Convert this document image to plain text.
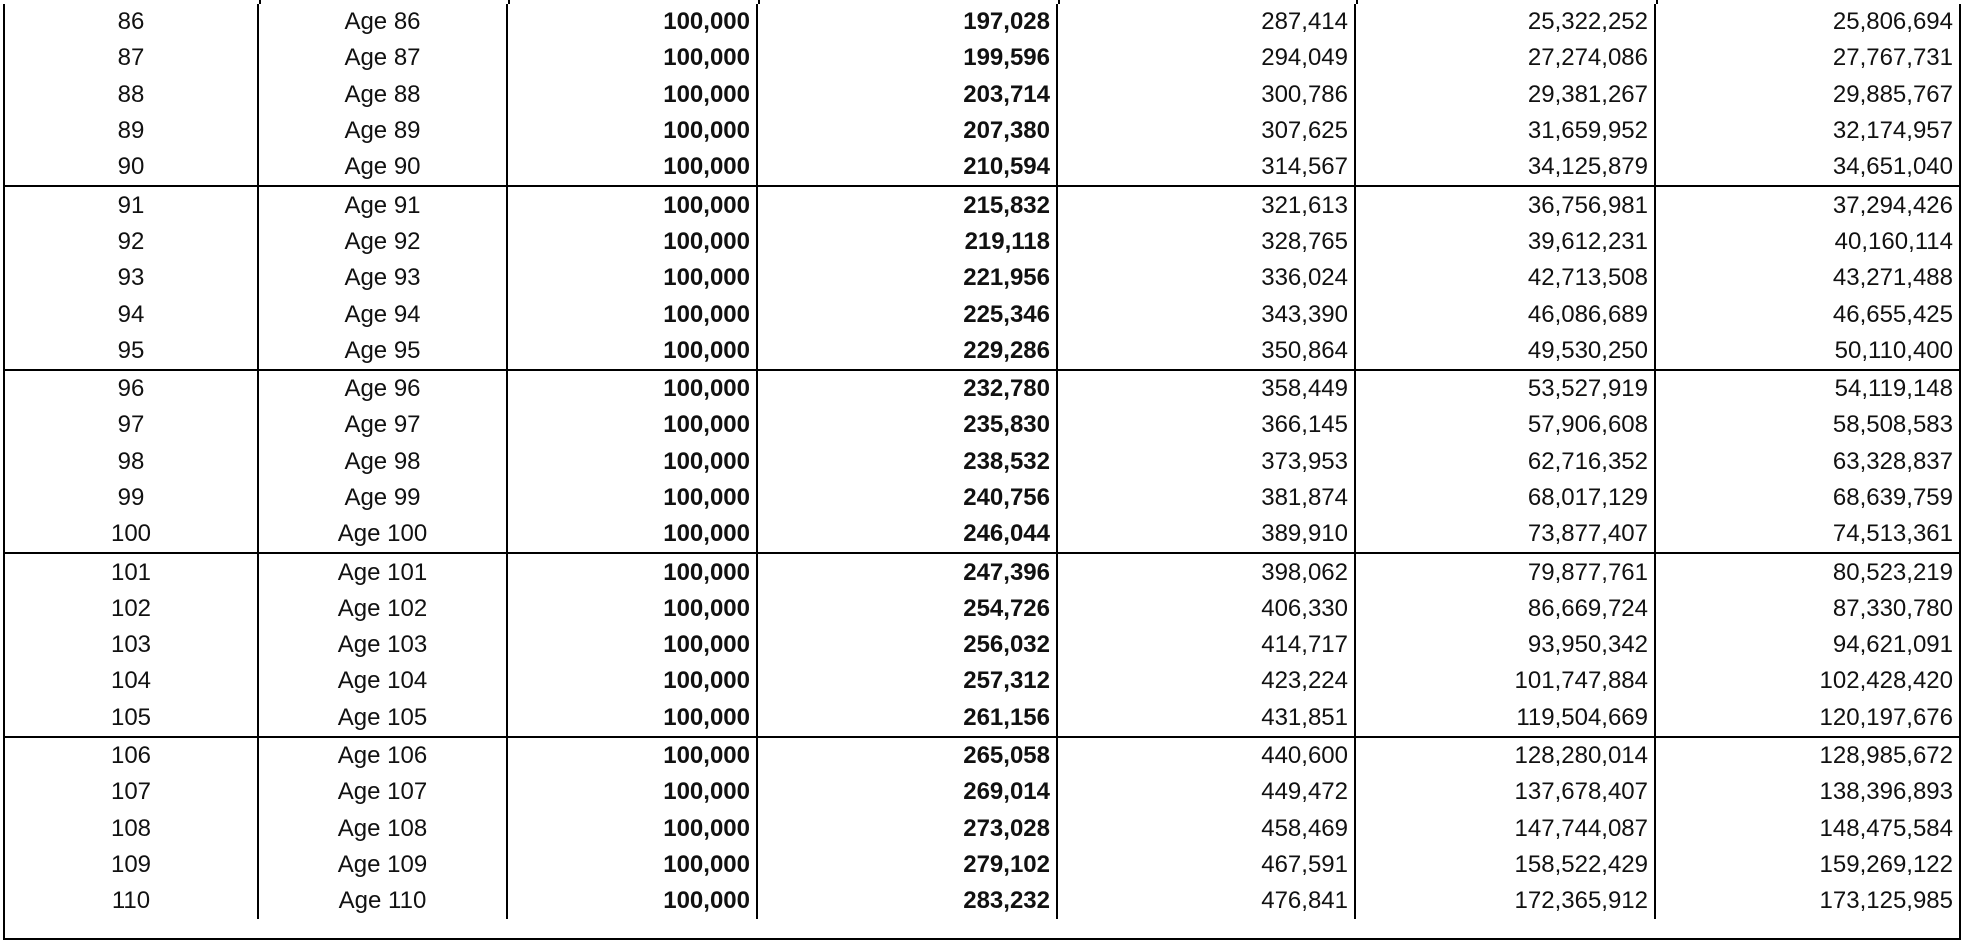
86	Age 86	100,000	197,028	287,414	25,322,252	25,806,694
87	Age 87	100,000	199,596	294,049	27,274,086	27,767,731
88	Age 88	100,000	203,714	300,786	29,381,267	29,885,767
89	Age 89	100,000	207,380	307,625	31,659,952	32,174,957
90	Age 90	100,000	210,594	314,567	34,125,879	34,651,040
91	Age 91	100,000	215,832	321,613	36,756,981	37,294,426
92	Age 92	100,000	219,118	328,765	39,612,231	40,160,114
93	Age 93	100,000	221,956	336,024	42,713,508	43,271,488
94	Age 94	100,000	225,346	343,390	46,086,689	46,655,425
95	Age 95	100,000	229,286	350,864	49,530,250	50,110,400
96	Age 96	100,000	232,780	358,449	53,527,919	54,119,148
97	Age 97	100,000	235,830	366,145	57,906,608	58,508,583
98	Age 98	100,000	238,532	373,953	62,716,352	63,328,837
99	Age 99	100,000	240,756	381,874	68,017,129	68,639,759
100	Age 100	100,000	246,044	389,910	73,877,407	74,513,361
101	Age 101	100,000	247,396	398,062	79,877,761	80,523,219
102	Age 102	100,000	254,726	406,330	86,669,724	87,330,780
103	Age 103	100,000	256,032	414,717	93,950,342	94,621,091
104	Age 104	100,000	257,312	423,224	101,747,884	102,428,420
105	Age 105	100,000	261,156	431,851	119,504,669	120,197,676
106	Age 106	100,000	265,058	440,600	128,280,014	128,985,672
107	Age 107	100,000	269,014	449,472	137,678,407	138,396,893
108	Age 108	100,000	273,028	458,469	147,744,087	148,475,584
109	Age 109	100,000	279,102	467,591	158,522,429	159,269,122
110	Age 110	100,000	283,232	476,841	172,365,912	173,125,985
